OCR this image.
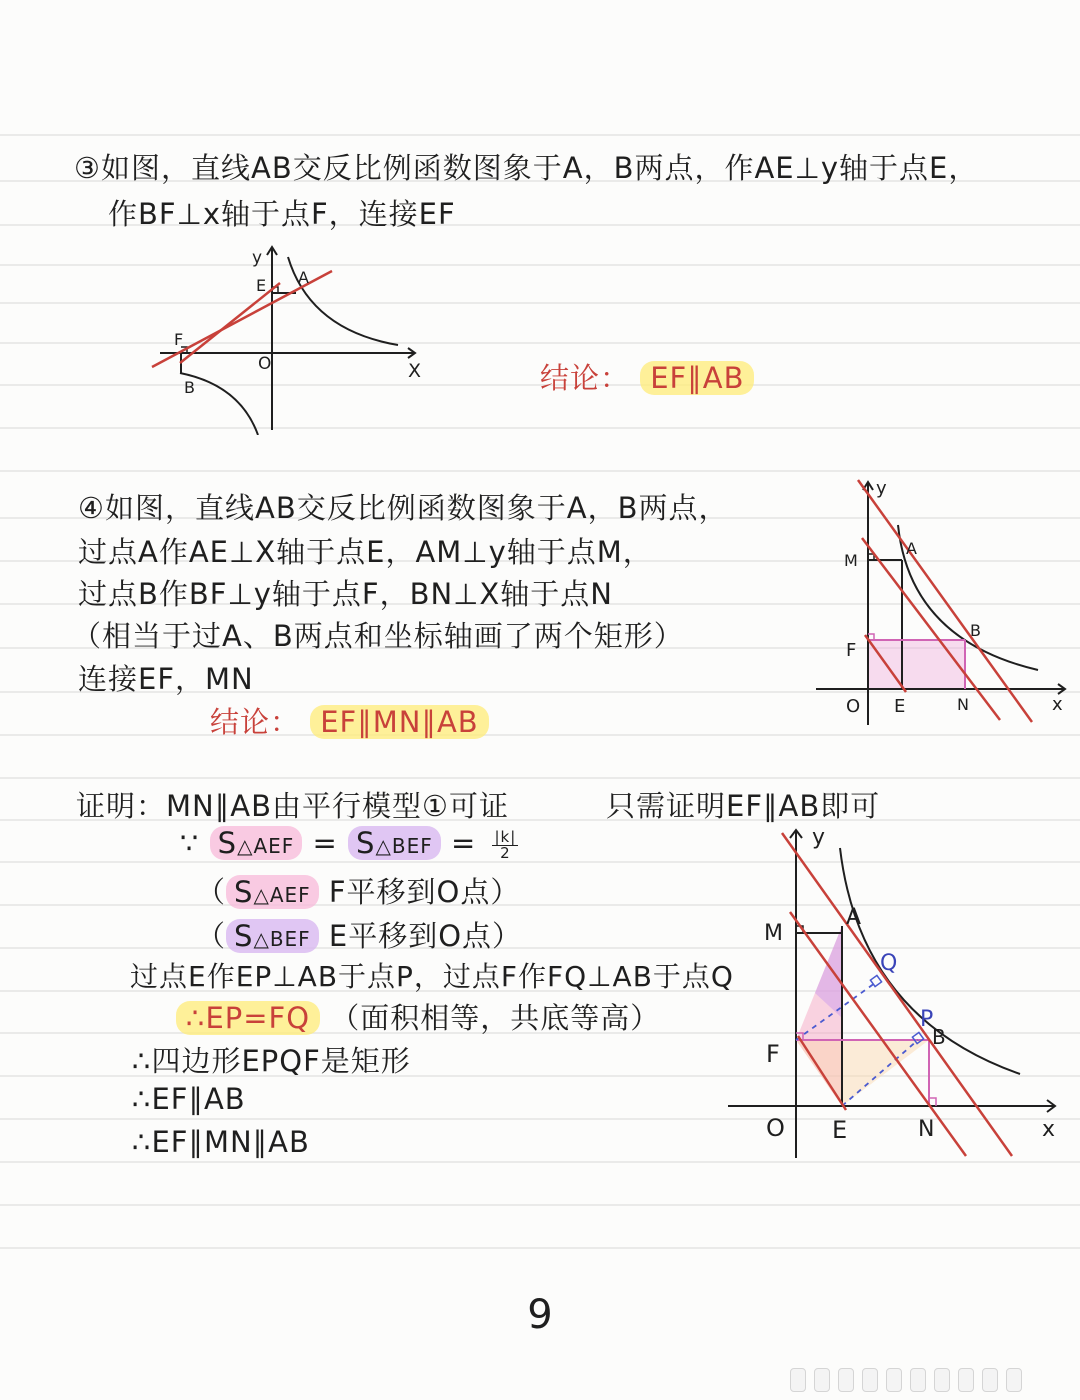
③如图，直线AB交反比例函数图象于A，B两点，作AE⊥y轴于点E，
作BF⊥x轴于点F，连接EF
结论： EF∥AB
y
X
O
E A
F
B
④如图，直线AB交反比例函数图象于A，B两点，
过点A作AE⊥X轴于点E，AM⊥y轴于点M，
过点B作BF⊥y轴于点F，BN⊥X轴于点N
（相当于过A、B两点和坐标轴画了两个矩形）
连接EF，MN
结论： EF∥MN∥AB
y
x
O
M
A
B
F
E	N
证明：MN∥AB由平行模型①可证	只需证明EF∥AB即可
∵ S△AEF = S△BEF = $\frac{|k|}{2}$
（ S△AEF F平移到O点）
（ S△BEF E平移到O点）
过点E作EP⊥AB于点P，过点F作FQ⊥AB于点Q
∴EP=FQ （面积相等，共底等高）
∴四边形EPQF是矩形
∴EF∥AB
∴EF∥MN∥AB
y
x
O
M
A
Q
P
B
F
E	N
9
